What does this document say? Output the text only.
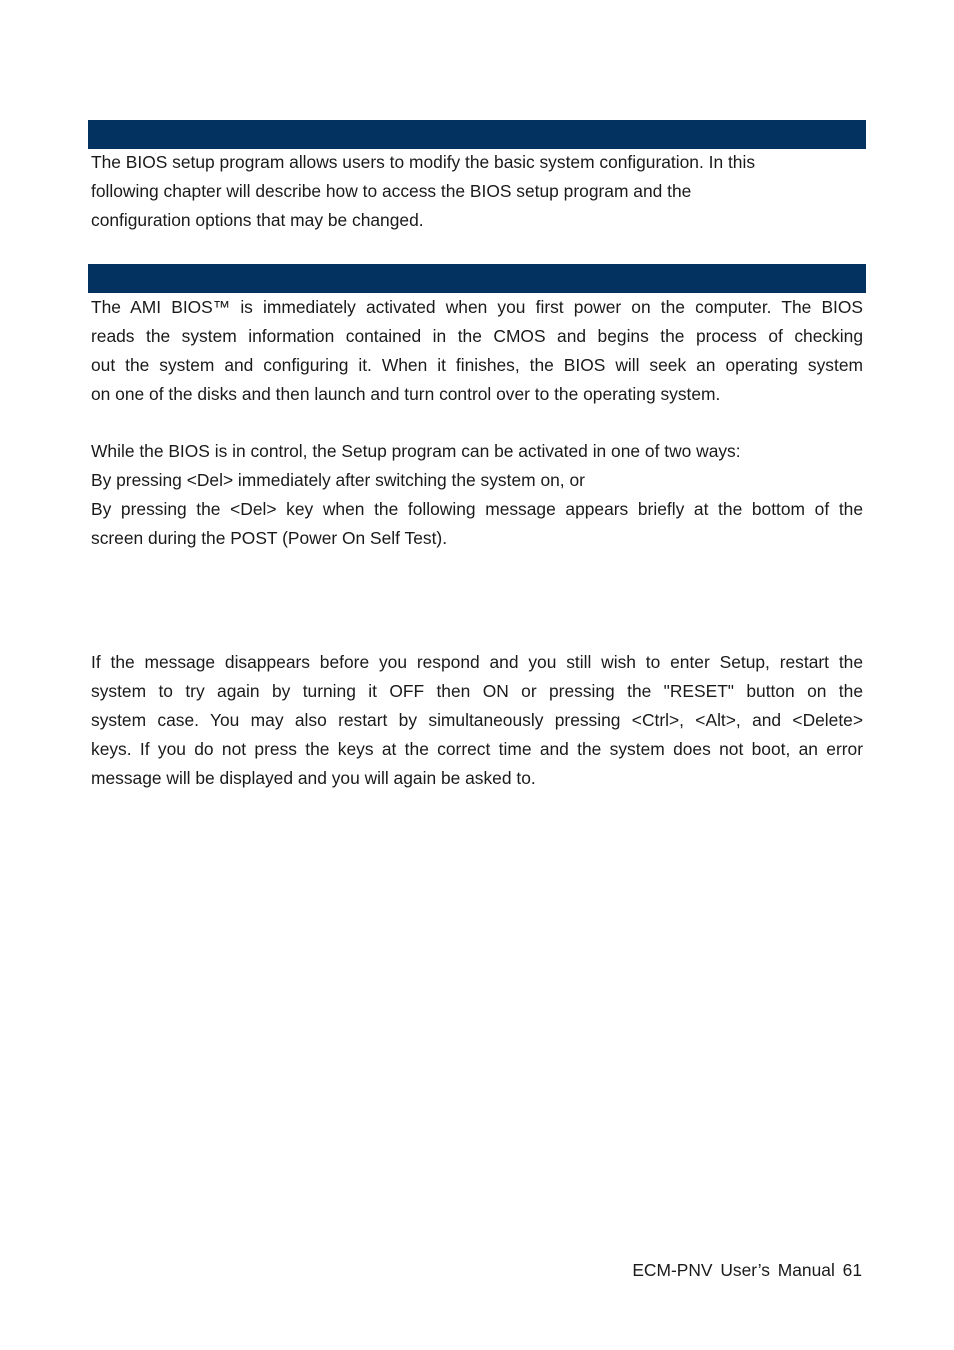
The BIOS setup program allows users to modify the basic system configuration. In this
following chapter will describe how to access the BIOS setup program and the
configuration options that may be changed.
The AMI BIOS™ is immediately activated when you first power on the computer. The BIOS
reads the system information contained in the CMOS and begins the process of checking
out the system and configuring it. When it finishes, the BIOS will seek an operating system
on one of the disks and then launch and turn control over to the operating system.
While the BIOS is in control, the Setup program can be activated in one of two ways:
By pressing <Del> immediately after switching the system on, or
By pressing the <Del> key when the following message appears briefly at the bottom of the
screen during the POST (Power On Self Test).
If the message disappears before you respond and you still wish to enter Setup, restart the
system to try again by turning it OFF then ON or pressing the "RESET" button on the
system case. You may also restart by simultaneously pressing <Ctrl>, <Alt>, and <Delete>
keys. If you do not press the keys at the correct time and the system does not boot, an error
message will be displayed and you will again be asked to.
ECM-PNV User’s Manual 61
